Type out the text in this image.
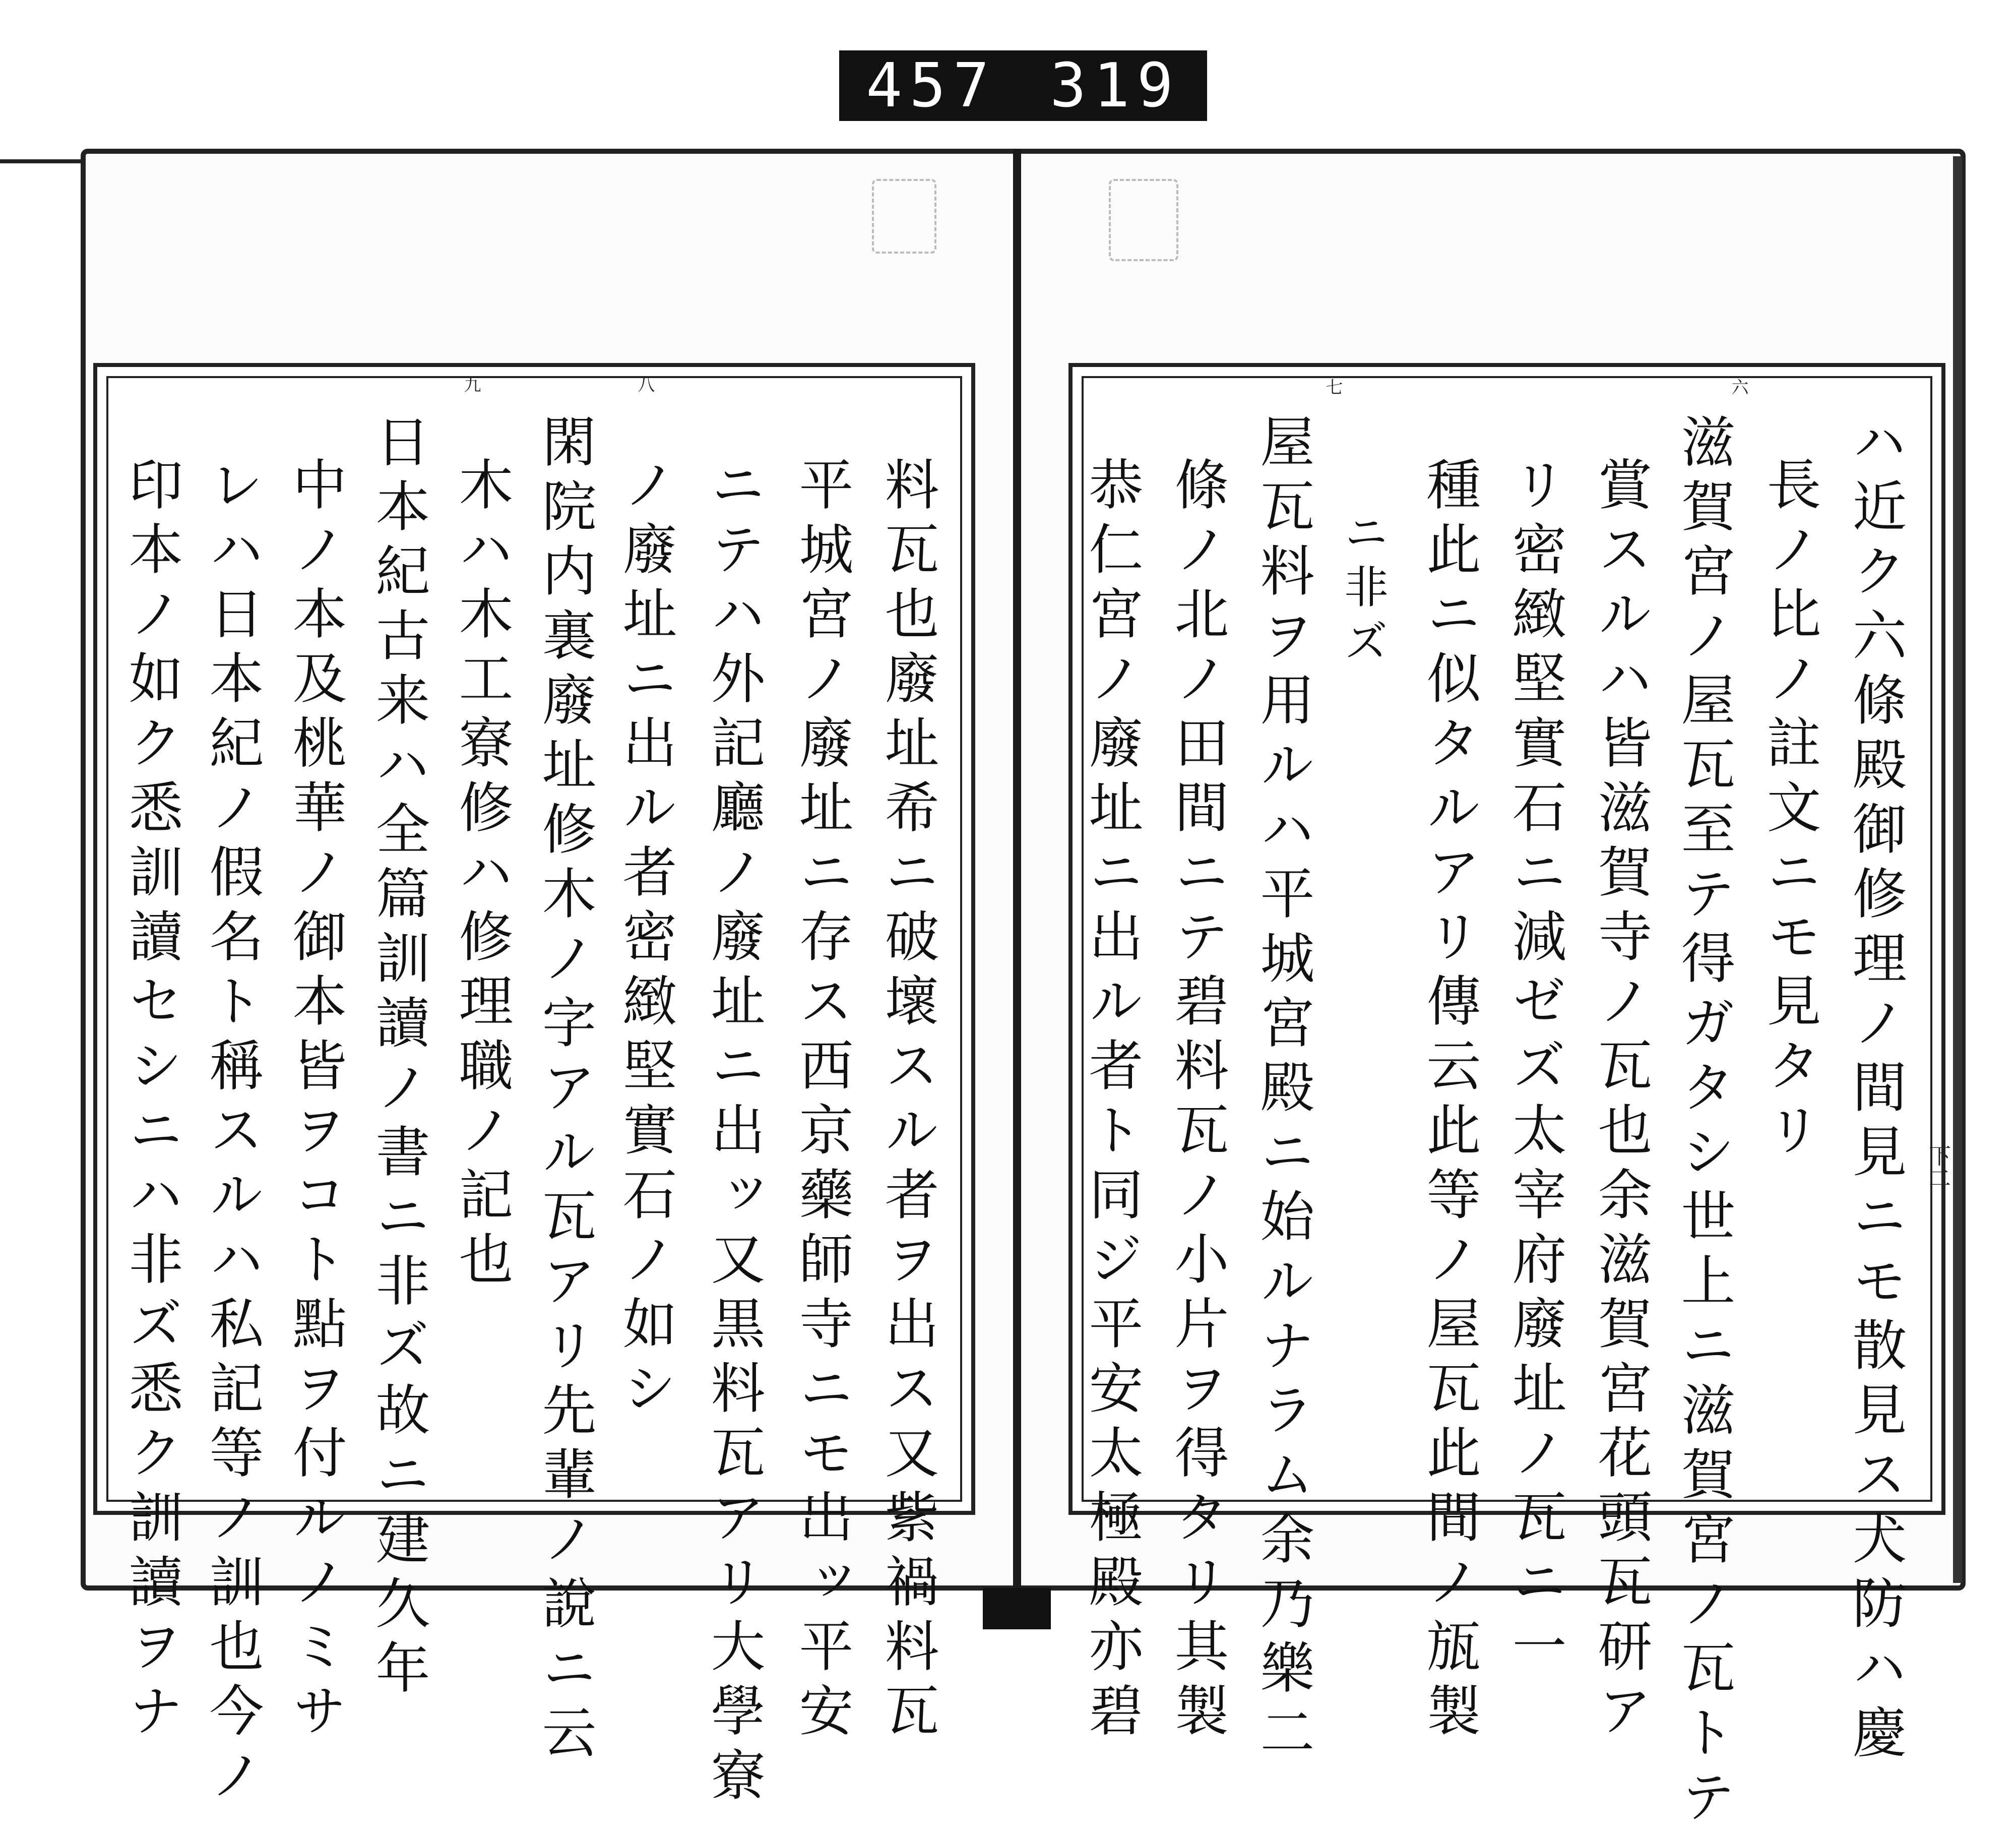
457 319
料瓦也廢址希ニ破壞スル者ヲ出ス又紫禍料瓦
平城宮ノ廢址ニ存ス西京藥師寺ニモ出ッ平安
ニテハ外記廳ノ廢址ニ出ッ又黒料瓦アリ大學寮
ノ廢址ニ出ル者密緻堅實石ノ如シ
閑院内裏廢址修木ノ字アル瓦アリ先輩ノ說ニ云
木ハ木工寮修ハ修理職ノ記也
日本紀古来ハ全篇訓讀ノ書ニ非ズ故ニ建久年
中ノ本及桃華ノ御本皆ヲコト點ヲ付ルノミサ
レハ日本紀ノ假名ト稱スルハ私記等ノ訓也今ノ
印本ノ如ク悉訓讀セシニハ非ズ悉ク訓讀ヲナ
八
九
ハ近ク六條殿御修理ノ間見ニモ散見ス犬防ハ慶
長ノ比ノ註文ニモ見タリ
滋賀宮ノ屋瓦至テ得ガタシ世上ニ滋賀宮ノ瓦トテ
賞スルハ皆滋賀寺ノ瓦也余滋賀宮花頭瓦研ア
リ密緻堅實石ニ減ゼズ太宰府廢址ノ瓦ニ一
種此ニ似タルアリ傳云此等ノ屋瓦此間ノ瓬製
ニ非ズ
屋瓦料ヲ用ルハ平城宮殿ニ始ルナラム余乃樂二
條ノ北ノ田間ニテ碧料瓦ノ小片ヲ得タリ其製
恭仁宮ノ廢址ニ出ル者ト同ジ平安太極殿亦碧
六
七
下二
